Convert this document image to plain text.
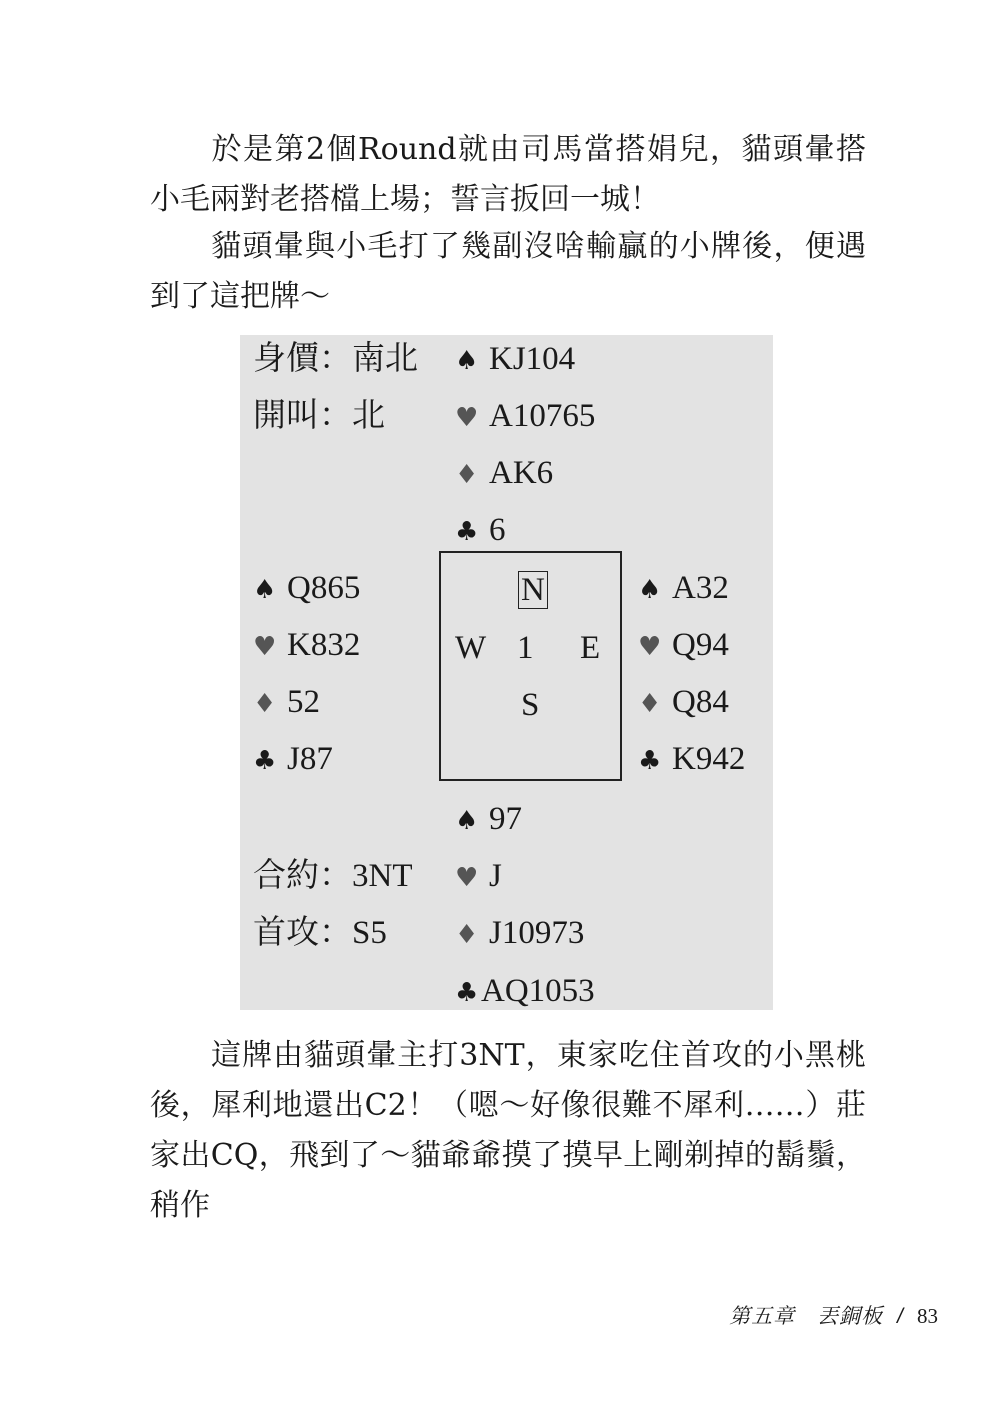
於是第2個Round就由司馬當搭娟兒，貓頭暈搭小毛兩對老搭檔上場；誓言扳回一城！

貓頭暈與小毛打了幾副沒啥輸贏的小牌後，便遇到了這把牌～

身價：南北
開叫：北
♠ KJ104
♥ A10765
♦ AK6
♣ 6
♠ Q865
♥ K832
♦ 52
♣ J87
N
W 1 E
S
♠ A32
♥ Q94
♦ Q84
♣ K942
合約：3NT
首攻：S5
♠ 97
♥ J
♦ J10973
♣AQ1053

這牌由貓頭暈主打3NT，東家吃住首攻的小黑桃後，犀利地還出C2！（嗯～好像很難不犀利……）莊家出CQ，飛到了～貓爺爺摸了摸早上剛剃掉的鬍鬚，稍作

第五章　丟銅板 / 83
